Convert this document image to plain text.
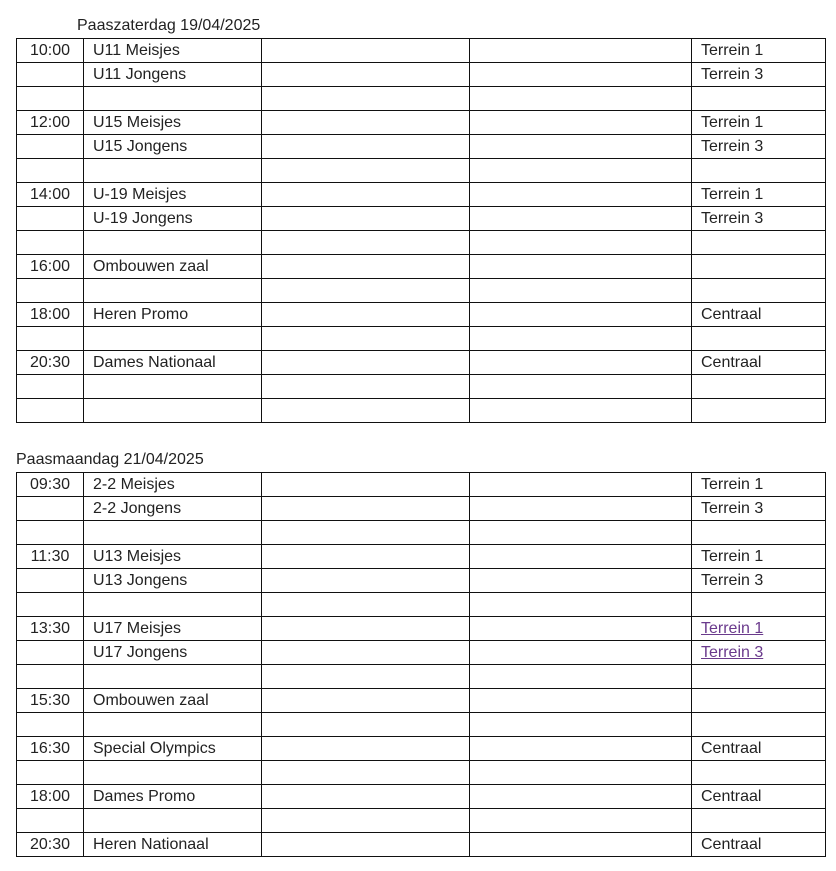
Paaszaterdag 19/04/2025
10:00	U11 Meisjes			Terrein 1
	U11 Jongens			Terrein 3

12:00	U15 Meisjes			Terrein 1
	U15 Jongens			Terrein 3

14:00	U-19 Meisjes			Terrein 1
	U-19 Jongens			Terrein 3

16:00	Ombouwen zaal			

18:00	Heren Promo			Centraal

20:30	Dames Nationaal			Centraal

Paasmaandag 21/04/2025
09:30	2-2 Meisjes			Terrein 1
	2-2 Jongens			Terrein 3

11:30	U13 Meisjes			Terrein 1
	U13 Jongens			Terrein 3

13:30	U17 Meisjes			Terrein 1
	U17 Jongens			Terrein 3

15:30	Ombouwen zaal			

16:30	Special Olympics			Centraal

18:00	Dames Promo			Centraal

20:30	Heren Nationaal			Centraal
